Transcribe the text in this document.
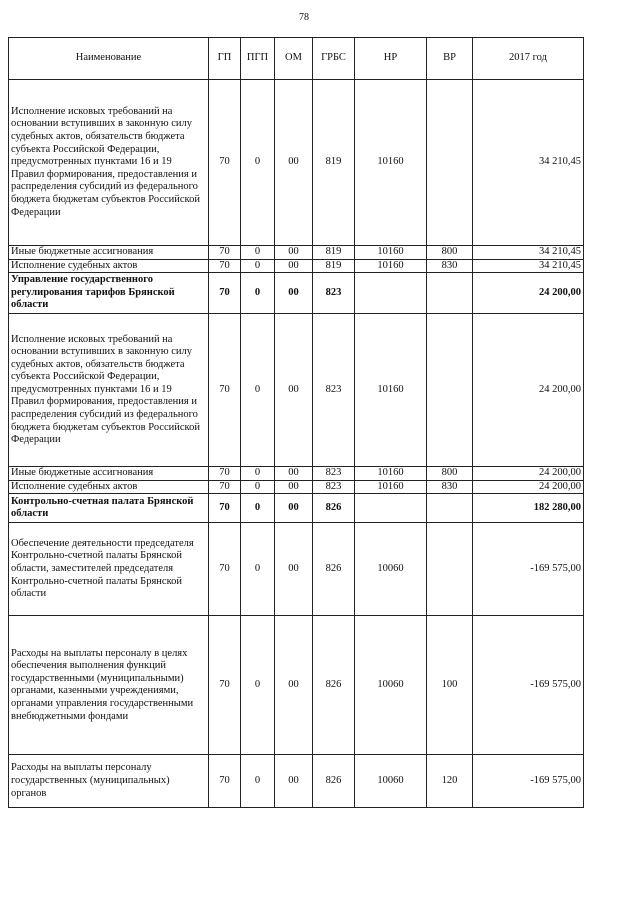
78
Наименование	ГП	ПГП	ОМ	ГРБС	НР	ВР	2017 год
Исполнение исковых требований на основании вступивших в законную силу судебных актов, обязательств бюджета субъекта Российской Федерации, предусмотренных пунктами 16 и 19 Правил формирования, предоставления и распределения субсидий из федерального бюджета бюджетам субъектов Российской Федерации	70	0	00	819	10160		34 210,45
Иные бюджетные ассигнования	70	0	00	819	10160	800	34 210,45
Исполнение судебных актов	70	0	00	819	10160	830	34 210,45
Управление государственного регулирования тарифов Брянской области	70	0	00	823			24 200,00
Исполнение исковых требований на основании вступивших в законную силу судебных актов, обязательств бюджета субъекта Российской Федерации, предусмотренных пунктами 16 и 19 Правил формирования, предоставления и распределения субсидий из федерального бюджета бюджетам субъектов Российской Федерации	70	0	00	823	10160		24 200,00
Иные бюджетные ассигнования	70	0	00	823	10160	800	24 200,00
Исполнение судебных актов	70	0	00	823	10160	830	24 200,00
Контрольно-счетная палата Брянской области	70	0	00	826			182 280,00
Обеспечение деятельности председателя Контрольно-счетной палаты Брянской области, заместителей председателя Контрольно-счетной палаты Брянской области	70	0	00	826	10060		-169 575,00
Расходы на выплаты персоналу в целях обеспечения выполнения функций государственными (муниципальными) органами, казенными учреждениями, органами управления государственными внебюджетными фондами	70	0	00	826	10060	100	-169 575,00
Расходы на выплаты персоналу государственных (муниципальных) органов	70	0	00	826	10060	120	-169 575,00
